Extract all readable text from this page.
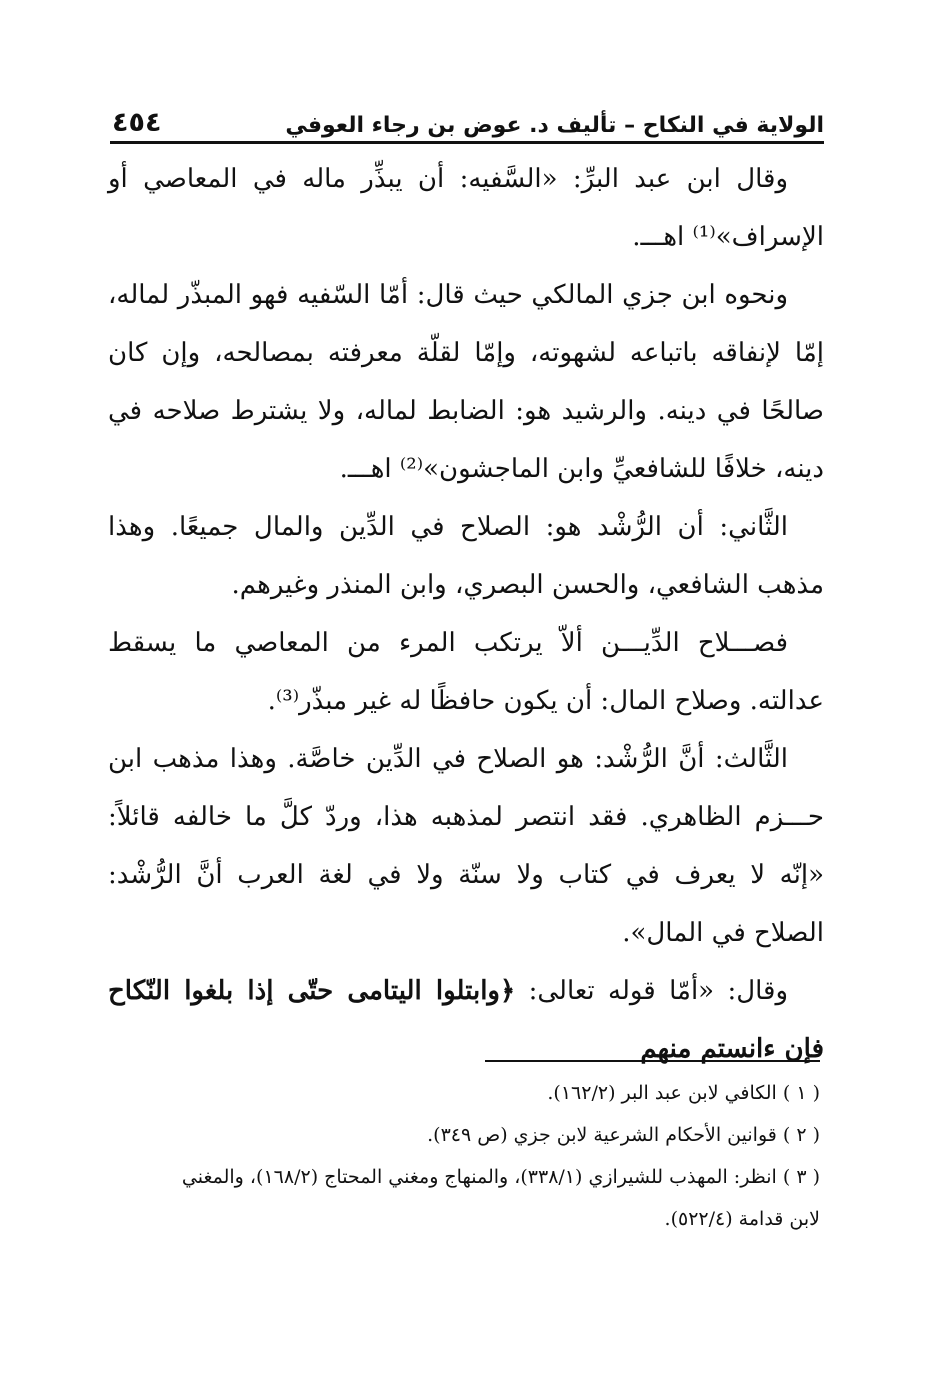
الولاية في النكاح – تأليف د. عوض بن رجاء العوفي
٤٥٤

وقال ابن عبد البرِّ: «السَّفيه: أن يبذِّر ماله في المعاصي أو الإسراف»⁽¹⁾ اهـــ.

ونحوه ابن جزي المالكي حيث قال: أمّا السّفيه فهو المبذّر لماله، إمّا لإنفاقه باتباعه لشهوته، وإمّا لقلّة معرفته بمصالحه، وإن كان صالحًا في دينه. والرشيد هو: الضابط لماله، ولا يشترط صلاحه في دينه، خلافًا للشافعيِّ وابن الماجشون»⁽²⁾ اهـــ.

الثَّاني: أن الرُّشْد هو: الصلاح في الدِّين والمال جميعًا. وهذا مذهب الشافعي، والحسن البصري، وابن المنذر وغيرهم.

فصـــلاح الدِّيـــن ألاّ يرتكب المرء من المعاصي ما يسقط عدالته. وصلاح المال: أن يكون حافظًا له غير مبذّر⁽³⁾.

الثَّالث: أنَّ الرُّشْد: هو الصلاح في الدِّين خاصَّة. وهذا مذهب ابن حـــزم الظاهري. فقد انتصر لمذهبه هذا، وردّ كلَّ ما خالفه قائلاً: «إنّه لا يعرف في كتاب ولا سنّة ولا في لغة العرب أنَّ الرُّشْد: الصلاح في المال».

وقال: «أمّا قوله تعالى: ﴿وابتلوا اليتامى حتّى إذا بلغوا النّكاح فإن ءانستم منهم

( ١ ) الكافي لابن عبد البر (١٦٢/٢).

( ٢ ) قوانين الأحكام الشرعية لابن جزي (ص ٣٤٩).

( ٣ ) انظر: المهذب للشيرازي (٣٣٨/١)، والمنهاج ومغني المحتاج (١٦٨/٢)، والمغني

لابن قدامة (٥٢٢/٤).
